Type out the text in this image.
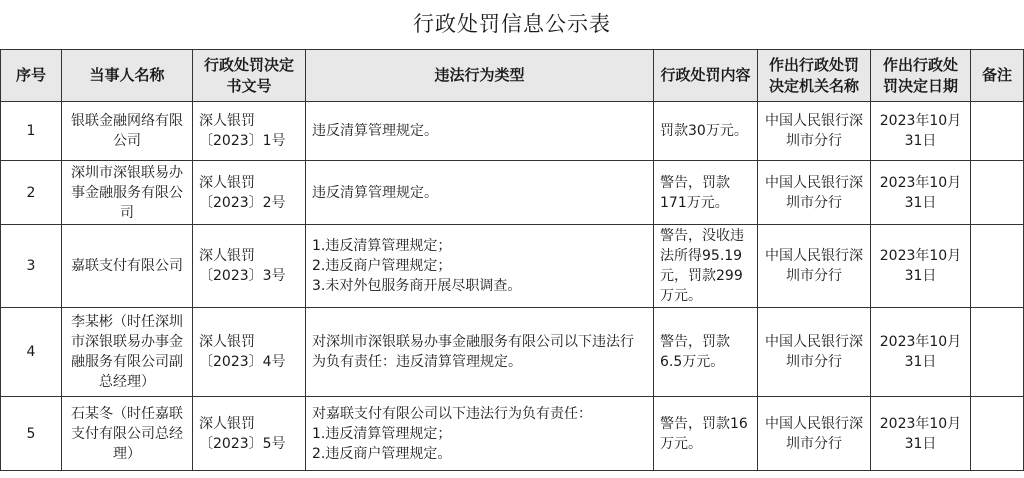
行政处罚信息公示表
序号	当事人名称	行政处罚决定书文号	违法行为类型	行政处罚内容	作出行政处罚决定机关名称	作出行政处罚决定日期	备注
1	银联金融网络有限公司	深人银罚〔2023〕1号	违反清算管理规定。	罚款30万元。	中国人民银行深圳市分行	2023年10月31日	
2	深圳市深银联易办事金融服务有限公司	深人银罚〔2023〕2号	违反清算管理规定。	警告，罚款171万元。	中国人民银行深圳市分行	2023年10月31日	
3	嘉联支付有限公司	深人银罚〔2023〕3号	1.违反清算管理规定；
2.违反商户管理规定；
3.未对外包服务商开展尽职调查。	警告，没收违法所得95.19元，罚款299万元。	中国人民银行深圳市分行	2023年10月31日	
4	李某彬（时任深圳市深银联易办事金融服务有限公司副总经理）	深人银罚〔2023〕4号	对深圳市深银联易办事金融服务有限公司以下违法行为负有责任：违反清算管理规定。	警告，罚款6.5万元。	中国人民银行深圳市分行	2023年10月31日	
5	石某冬（时任嘉联支付有限公司总经理）	深人银罚〔2023〕5号	对嘉联支付有限公司以下违法行为负有责任：
1.违反清算管理规定；
2.违反商户管理规定。	警告，罚款16万元。	中国人民银行深圳市分行	2023年10月31日	
